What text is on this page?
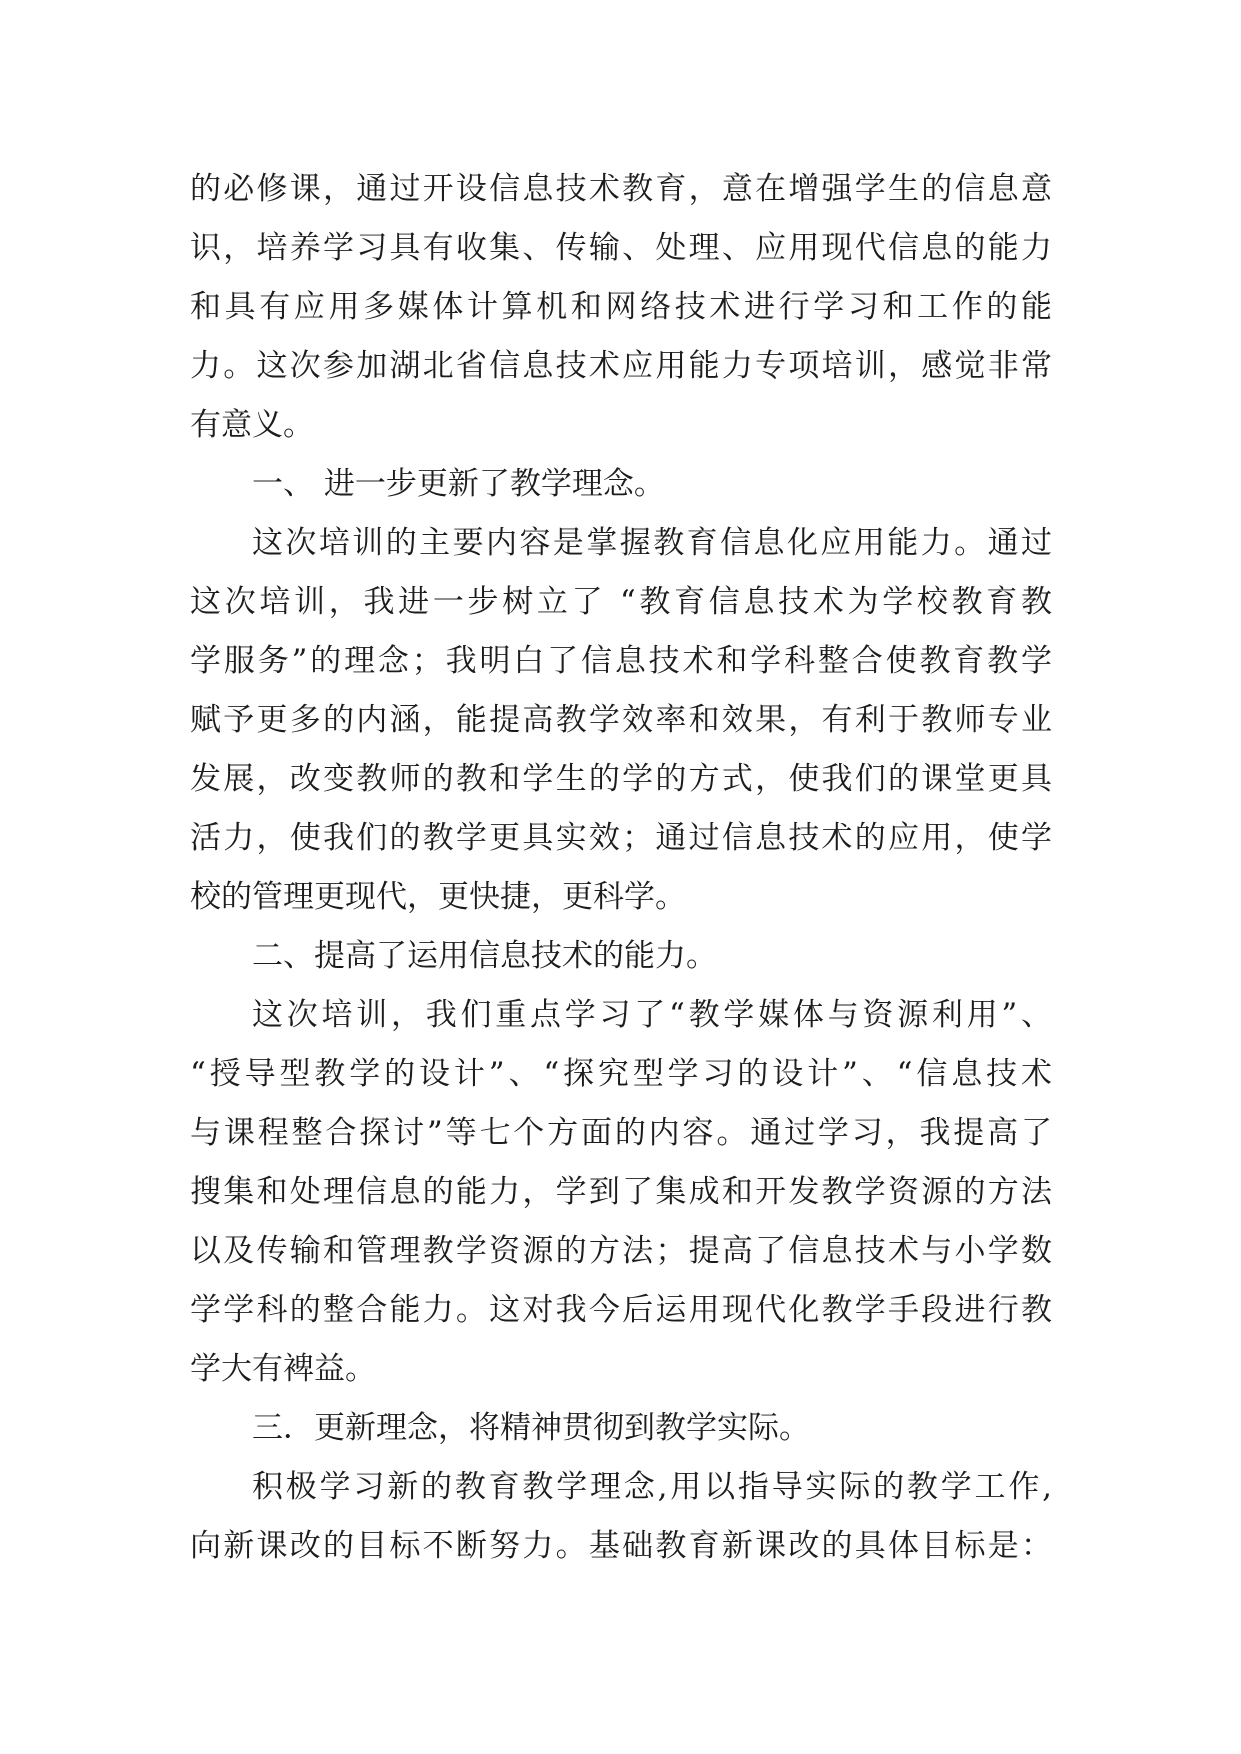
的必修课，通过开设信息技术教育，意在增强学生的信息意
识，培养学习具有收集、传输、处理、应用现代信息的能力
和具有应用多媒体计算机和网络技术进行学习和工作的能
力。这次参加湖北省信息技术应用能力专项培训，感觉非常
有意义。
一、 进一步更新了教学理念。
这次培训的主要内容是掌握教育信息化应用能力。通过
这次培训，我进一步树立了 “教育信息技术为学校教育教
学服务”的理念；我明白了信息技术和学科整合使教育教学
赋予更多的内涵，能提高教学效率和效果，有利于教师专业
发展，改变教师的教和学生的学的方式，使我们的课堂更具
活力，使我们的教学更具实效；通过信息技术的应用，使学
校的管理更现代，更快捷，更科学。
二、提高了运用信息技术的能力。
这次培训，我们重点学习了“教学媒体与资源利用”、
“授导型教学的设计”、“探究型学习的设计”、“信息技术
与课程整合探讨”等七个方面的内容。通过学习，我提高了
搜集和处理信息的能力，学到了集成和开发教学资源的方法
以及传输和管理教学资源的方法；提高了信息技术与小学数
学学科的整合能力。这对我今后运用现代化教学手段进行教
学大有裨益。
三．更新理念，将精神贯彻到教学实际。
积极学习新的教育教学理念,用以指导实际的教学工作,
向新课改的目标不断努力。基础教育新课改的具体目标是：
